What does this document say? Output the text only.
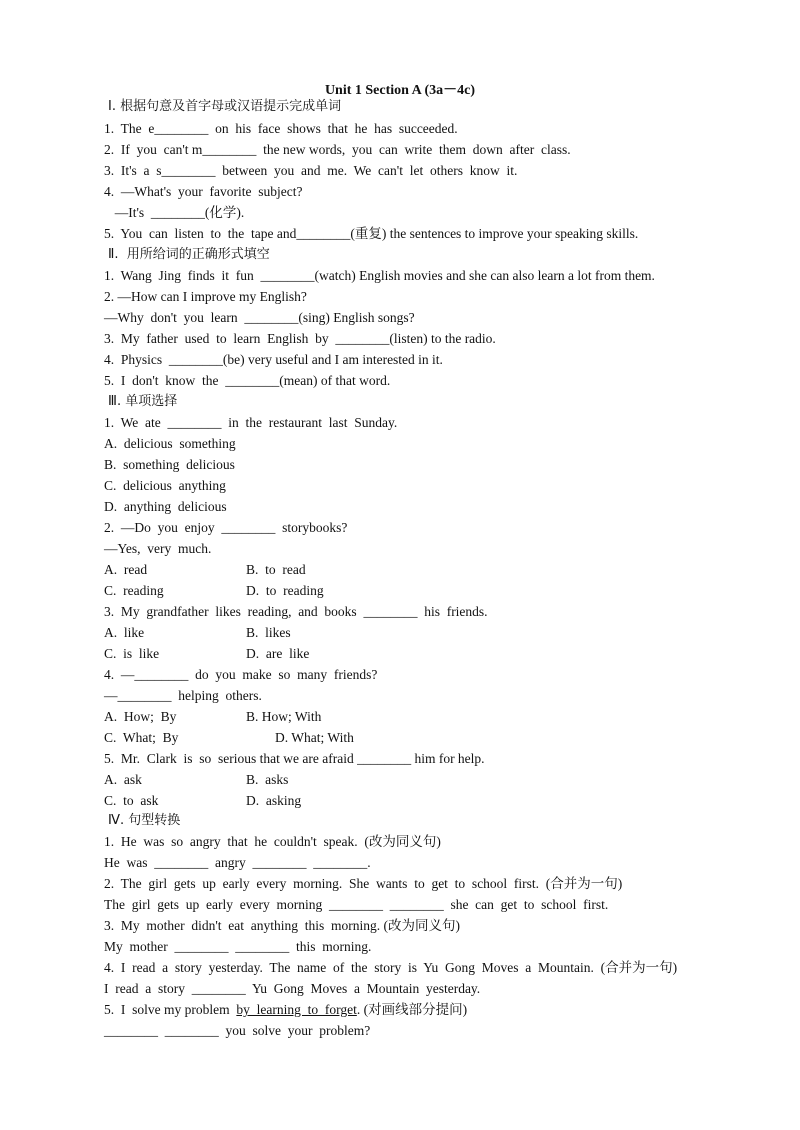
Unit 1 Section A (3a－4c)
Ⅰ. 根据句意及首字母或汉语提示完成单词
1.  The  e________  on  his  face  shows  that  he  has  succeeded.
2.  If  you  can't m________  the new words,  you  can  write  them  down  after  class.
3.  It's  a  s________  between  you  and  me.  We  can't  let  others  know  it.
4.  —What's  your  favorite  subject?
—It's  ________(化学).
5.  You  can  listen  to  the  tape and________(重复) the sentences to improve your speaking skills.
Ⅱ.  用所给词的正确形式填空
1.  Wang  Jing  finds  it  fun  ________(watch) English movies and she can also learn a lot from them.
2. —How can I improve my English?
—Why  don't  you  learn  ________(sing) English songs?
3.  My  father  used  to  learn  English  by  ________(listen) to the radio.
4.  Physics  ________(be) very useful and I am interested in it.
5.  I  don't  know  the  ________(mean) of that word.
Ⅲ. 单项选择
1.  We  ate  ________  in  the  restaurant  last  Sunday.
A.  delicious  something
B.  something  delicious
C.  delicious  anything
D.  anything  delicious
2.  —Do  you  enjoy  ________  storybooks?
—Yes,  very  much.
A.  read	B.  to  read
C.  reading	D.  to  reading
3.  My  grandfather  likes  reading,  and  books  ________  his  friends.
A.  like	B.  likes
C.  is  like	D.  are  like
4.  —________  do  you  make  so  many  friends?
—________  helping  others.
A.  How;  By	B. How; With
C.  What;  By	D. What; With
5.  Mr.  Clark  is  so  serious that we are afraid ________ him for help.
A.  ask	B.  asks
C.  to  ask	D.  asking
Ⅳ. 句型转换
1.  He  was  so  angry  that  he  couldn't  speak.  (改为同义句)
He  was  ________  angry  ________  ________.
2.  The  girl  gets  up  early  every  morning.  She  wants  to  get  to  school  first.  (合并为一句)
The  girl  gets  up  early  every  morning  ________  ________  she  can  get  to  school  first.
3.  My  mother  didn't  eat  anything  this  morning. (改为同义句)
My  mother  ________  ________  this  morning.
4.  I  read  a  story  yesterday.  The  name  of  the  story  is  Yu  Gong  Moves  a  Mountain.  (合并为一句)
I  read  a  story  ________  Yu  Gong  Moves  a  Mountain  yesterday.
5.  I  solve my problem  by  learning  to  forget. (对画线部分提问)
________  ________  you  solve  your  problem?
